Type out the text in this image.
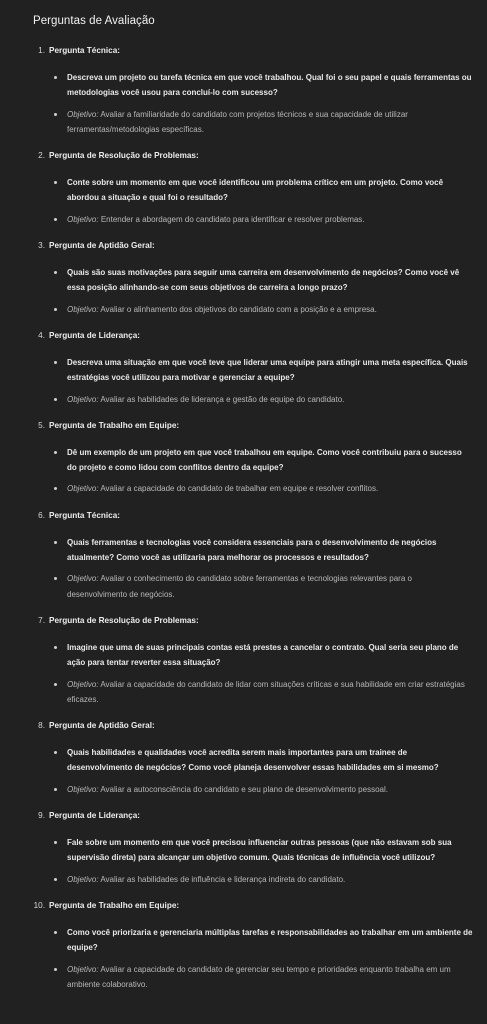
Perguntas de Avaliação
1. Pergunta Técnica:
Descreva um projeto ou tarefa técnica em que você trabalhou. Qual foi o seu papel e quais ferramentas ou metodologias você usou para concluí-lo com sucesso?
Objetivo: Avaliar a familiaridade do candidato com projetos técnicos e sua capacidade de utilizar ferramentas/metodologias específicas.
2. Pergunta de Resolução de Problemas:
Conte sobre um momento em que você identificou um problema crítico em um projeto. Como você abordou a situação e qual foi o resultado?
Objetivo: Entender a abordagem do candidato para identificar e resolver problemas.
3. Pergunta de Aptidão Geral:
Quais são suas motivações para seguir uma carreira em desenvolvimento de negócios? Como você vê essa posição alinhando-se com seus objetivos de carreira a longo prazo?
Objetivo: Avaliar o alinhamento dos objetivos do candidato com a posição e a empresa.
4. Pergunta de Liderança:
Descreva uma situação em que você teve que liderar uma equipe para atingir uma meta específica. Quais estratégias você utilizou para motivar e gerenciar a equipe?
Objetivo: Avaliar as habilidades de liderança e gestão de equipe do candidato.
5. Pergunta de Trabalho em Equipe:
Dê um exemplo de um projeto em que você trabalhou em equipe. Como você contribuiu para o sucesso do projeto e como lidou com conflitos dentro da equipe?
Objetivo: Avaliar a capacidade do candidato de trabalhar em equipe e resolver conflitos.
6. Pergunta Técnica:
Quais ferramentas e tecnologias você considera essenciais para o desenvolvimento de negócios atualmente? Como você as utilizaria para melhorar os processos e resultados?
Objetivo: Avaliar o conhecimento do candidato sobre ferramentas e tecnologias relevantes para o desenvolvimento de negócios.
7. Pergunta de Resolução de Problemas:
Imagine que uma de suas principais contas está prestes a cancelar o contrato. Qual seria seu plano de ação para tentar reverter essa situação?
Objetivo: Avaliar a capacidade do candidato de lidar com situações críticas e sua habilidade em criar estratégias eficazes.
8. Pergunta de Aptidão Geral:
Quais habilidades e qualidades você acredita serem mais importantes para um trainee de desenvolvimento de negócios? Como você planeja desenvolver essas habilidades em si mesmo?
Objetivo: Avaliar a autoconsciência do candidato e seu plano de desenvolvimento pessoal.
9. Pergunta de Liderança:
Fale sobre um momento em que você precisou influenciar outras pessoas (que não estavam sob sua supervisão direta) para alcançar um objetivo comum. Quais técnicas de influência você utilizou?
Objetivo: Avaliar as habilidades de influência e liderança indireta do candidato.
10. Pergunta de Trabalho em Equipe:
Como você priorizaria e gerenciaria múltiplas tarefas e responsabilidades ao trabalhar em um ambiente de equipe?
Objetivo: Avaliar a capacidade do candidato de gerenciar seu tempo e prioridades enquanto trabalha em um ambiente colaborativo.
